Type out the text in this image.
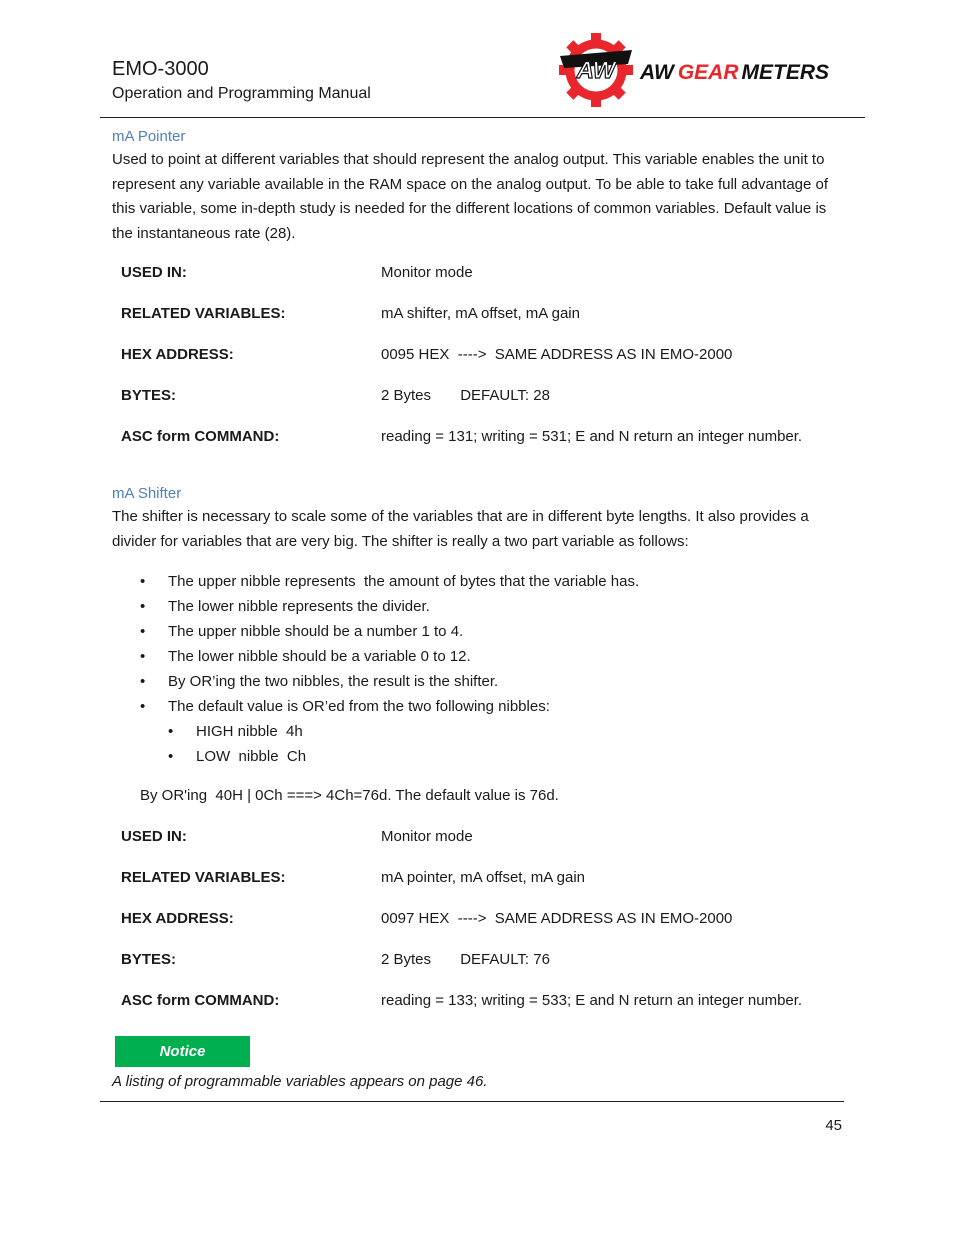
EMO-3000
Operation and Programming Manual
AW AW GEAR METERS
mA Pointer
Used to point at different variables that should represent the analog output. This variable enables the unit to represent any variable available in the RAM space on the analog output. To be able to take full advantage of this variable, some in-depth study is needed for the different locations of common variables. Default value is the instantaneous rate (28).
USED IN:	Monitor mode
RELATED VARIABLES:	mA shifter, mA offset, mA gain
HEX ADDRESS:	0095 HEX  ---->  SAME ADDRESS AS IN EMO-2000
BYTES:	2 Bytes       DEFAULT: 28
ASC form COMMAND:	reading = 131; writing = 531; E and N return an integer number.
mA Shifter
The shifter is necessary to scale some of the variables that are in different byte lengths. It also provides a divider for variables that are very big. The shifter is really a two part variable as follows:
• The upper nibble represents  the amount of bytes that the variable has.
• The lower nibble represents the divider.
• The upper nibble should be a number 1 to 4.
• The lower nibble should be a variable 0 to 12.
• By OR’ing the two nibbles, the result is the shifter.
• The default value is OR’ed from the two following nibbles:
• HIGH nibble  4h
• LOW  nibble  Ch
By OR'ing  40H | 0Ch ===> 4Ch=76d. The default value is 76d.
USED IN:	Monitor mode
RELATED VARIABLES:	mA pointer, mA offset, mA gain
HEX ADDRESS:	0097 HEX  ---->  SAME ADDRESS AS IN EMO-2000
BYTES:	2 Bytes       DEFAULT: 76
ASC form COMMAND:	reading = 133; writing = 533; E and N return an integer number.
Notice
A listing of programmable variables appears on page 46.
45
